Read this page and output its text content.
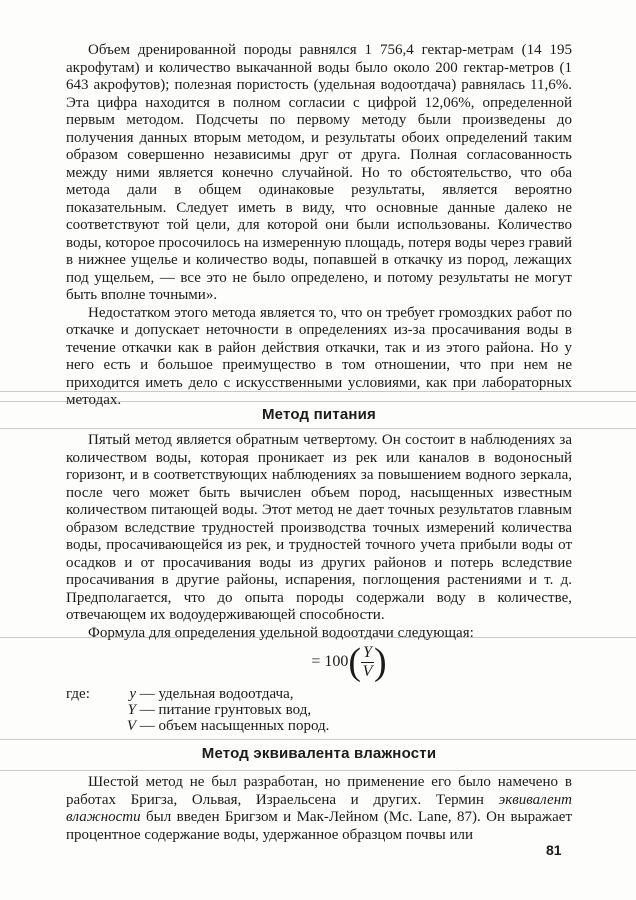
Объем дренированной породы равнялся 1 756,4 гектар-метрам (14 195 акрофутам) и количество выкачанной воды было около 200 гектар-метров (1 643 акрофутов); полезная пористость (удельная водоотдача) равнялась 11,6%. Эта цифра находится в полном согласии с цифрой 12,06%, определенной первым методом. Подсчеты по первому методу были произведены до получения данных вторым методом, и результаты обоих определений таким образом совершенно независимы друг от друга. Полная согласованность между ними является конечно случайной. Но то обстоятельство, что оба метода дали в общем одинаковые результаты, является вероятно показательным. Следует иметь в виду, что основные данные далеко не соответствуют той цели, для которой они были использованы. Количество воды, которое просочилось на измеренную площадь, потеря воды через гравий в нижнее ущелье и количество воды, попавшей в откачку из пород, лежащих под ущельем, — все это не было определено, и потому результаты не могут быть вполне точными».

Недостатком этого метода является то, что он требует громоздких работ по откачке и допускает неточности в определениях из-за просачивания воды в течение откачки как в район действия откачки, так и из этого района. Но у него есть и большое преимущество в том отношении, что при нем не приходится иметь дело с искусственными условиями, как при лабораторных методах.

Метод питания

Пятый метод является обратным четвертому. Он состоит в наблюдениях за количеством воды, которая проникает из рек или каналов в водоносный горизонт, и в соответствующих наблюдениях за повышением водного зеркала, после чего может быть вычислен объем пород, насыщенных известным количеством питающей воды. Этот метод не дает точных результатов главным образом вследствие трудностей производства точных измерений количества воды, просачивающейся из рек, и трудностей точного учета прибыли воды от осадков и от просачивания воды из других районов и потерь вследствие просачивания в другие районы, испарения, поглощения растениями и т. д. Предполагается, что до опыта породы содержали воду в количестве, отвечающем их водоудерживающей способности.

Формула для определения удельной водоотдачи следующая:

= $100( \frac{Y}{V}$ )
где:	y — удельная водоотдача,
Y — питание грунтовых вод,
V — объем насыщенных пород.
Метод эквивалента влажности

Шестой метод не был разработан, но применение его было намечено в работах Бригза, Ольвая, Израельсена и других. Термин эквивалент влажности был введен Бригзом и Мак-Лейном (Mc. Lane, 87). Он выражает процентное содержание воды, удержанное образцом почвы или

81
